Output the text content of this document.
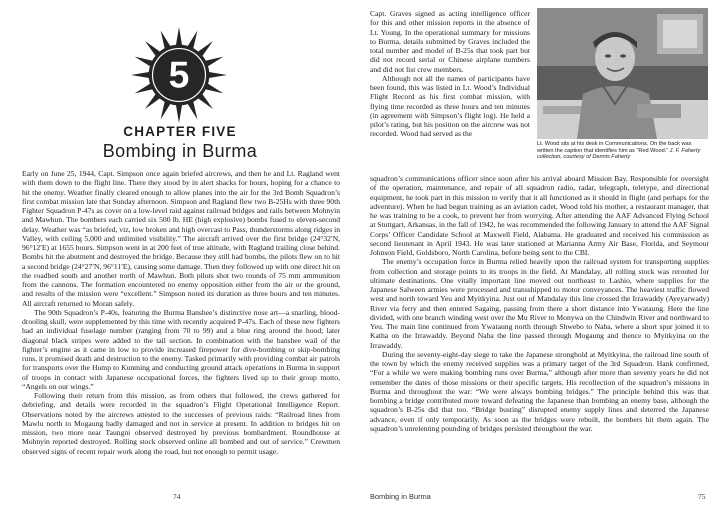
5
CHAPTER FIVE
Bombing in Burma

Early on June 25, 1944, Capt. Simpson once again briefed aircrews, and then he and Lt. Ragland went with them down to the flight line. There they stood by in alert shacks for hours, hoping for a chance to hit the enemy. Weather finally cleared enough to allow planes into the air for the 3rd Bomb Squadron’s first combat mission late that Sunday afternoon. Simpson and Ragland flew two B-25Hs with three 90th Fighter Squadron P-47s as cover on a low-level raid against railroad bridges and rails between Mohnyin and Mawhun. The bombers each carried six 500 lb. HE (high explosive) bombs fused to eleven-second delay. Weather was “as briefed, viz, low broken and high overcast to Pass, thunderstorms along ridges in Valley, with ceiling 5,000 and unlimited visibility.” The aircraft arrived over the first bridge (24°32′N, 96°12′E) at 1655 hours. Simpson went in at 200 feet of true altitude, with Ragland trailing close behind. Bombs hit the abutment and destroyed the bridge. Because they still had bombs, the pilots flew on to hit a second bridge (24°27′N, 96°11′E), causing some damage. Then they followed up with one direct hit on the roadbed south and another north of Mawhun. Both pilots shot two rounds of 75 mm ammunition from the cannons. The formation encountered no enemy opposition either from the air or the ground, and results of the mission were “excellent.” Simpson noted its duration as three hours and ten minutes. All aircraft returned to Moran safely.

The 90th Squadron’s P-40s, featuring the Burma Banshee’s distinctive nose art—a snarling, blood-drooling skull, were supplemented by this time with recently acquired P-47s. Each of these new fighters had an individual fuselage number (ranging from 70 to 99) and a blue ring around the hood; later diagonal black stripes were added to the tail section. In combination with the banshee wail of the fighter’s engine as it came in low to provide increased firepower for dive-bombing or skip-bombing runs, it promised death and destruction to the enemy. Tasked primarily with providing combat air patrols for transports over the Hump to Kunming and conducting ground attack operations in Burma in support of troops in contact with Japanese occupational forces, the fighters lived up to their group motto, “Angels on our wings.”

Following their return from this mission, as from others that followed, the crews gathered for debriefing, and details were recorded in the squadron’s Flight Operational Intelligence Report. Observations noted by the aircrews attested to the successes of previous raids: “Railroad lines from Mawlu north to Mogaung badly damaged and not in service at present. In addition to bridges hit on mission, two more near Taungni observed destroyed by previous bombardment. Roundhouse at Mohnyin reported destroyed. Rolling stock observed online all bombed and out of service.” Crewmen observed signs of recent repair work along the road, but not enough to permit usage.

74

Capt. Graves signed as acting intelligence officer for this and other mission reports in the absence of Lt. Young. In the operational summary for missions to Burma, details submitted by Graves included the total number and model of B-25s that took part but did not record serial or Chinese airplane numbers and did not list crew members.

Although not all the names of participants have been found, this was listed in Lt. Wood’s Individual Flight Record as his first combat mission, with flying time recorded as three hours and ten minutes (in agreement with Simpson’s flight log). He held a pilot’s rating, but his position on the aircrew was not recorded. Wood had served as the

Lt. Wood sits at his desk in Communications. On the back was written the caption that identifies him as “Red Wood.” J. F. Faherty collection, courtesy of Dennis Faherty

squadron’s communications officer since soon after his arrival aboard Mission Bay. Responsible for oversight of the operation, maintenance, and repair of all squadron radio, radar, telegraph, teletype, and directional equipment, he took part in this mission to verify that it all functioned as it should in flight (and perhaps for the adventure). When he had begun training as an aviation cadet, Wood told his mother, a restaurant manager, that he was training to be a cook, to prevent her from worrying. After attending the AAF Advanced Flying School at Stuttgart, Arkansas, in the fall of 1942, he was recommended the following January to attend the AAF Signal Corps’ Officer Candidate School at Maxwell Field, Alabama. He graduated and received his commission as second lieutenant in April 1943. He was later stationed at Marianna Army Air Base, Florida, and Seymour Johnson Field, Goldsboro, North Carolina, before being sent to the CBI.

The enemy’s occupation force in Burma relied heavily upon the railroad system for transporting supplies from collection and storage points to its troops in the field. At Mandalay, all rolling stock was rerouted for ultimate destinations. One vitally important line moved out northeast to Lashio, where supplies for the Japanese Salween armies were processed and transshipped to motor conveyances. The heaviest traffic flowed west and north toward Yeu and Myitkyina. Just out of Mandalay this line crossed the Irrawaddy (Ayeyarwady) River via ferry and then entered Sagaing, passing from there a short distance into Ywataung. Here the line divided, with one branch winding west over the Mu River to Monywa on the Chindwin River and northward to Yeu. The main line continued from Ywataung north through Shwebo to Naba, where a short spur joined it to Katha on the Irrawaddy. Beyond Naba the line passed through Mogaung and thence to Myitkyina on the Irrawaddy.

During the seventy-eight-day siege to take the Japanese stronghold at Myitkyina, the railroad line south of the town by which the enemy received supplies was a primary target of the 3rd Squadron. Hank confirmed, “For a while we were making bombing runs over Burma,” although after more than seventy years he did not remember the dates of those missions or their specific targets. His recollection of the squadron’s missions in Burma and throughout the war: “We were always bombing bridges.” The principle behind this was that bombing a bridge contributed more toward defeating the Japanese than bombing an enemy base, although the squadron’s B-25s did that too. “Bridge busting” disrupted enemy supply lines and deterred the Japanese advance, even if only temporarily. As soon as the bridges were rebuilt, the bombers hit them again. The squadron’s unrelenting pounding of bridges persisted throughout the war.

Bombing in Burma	75
